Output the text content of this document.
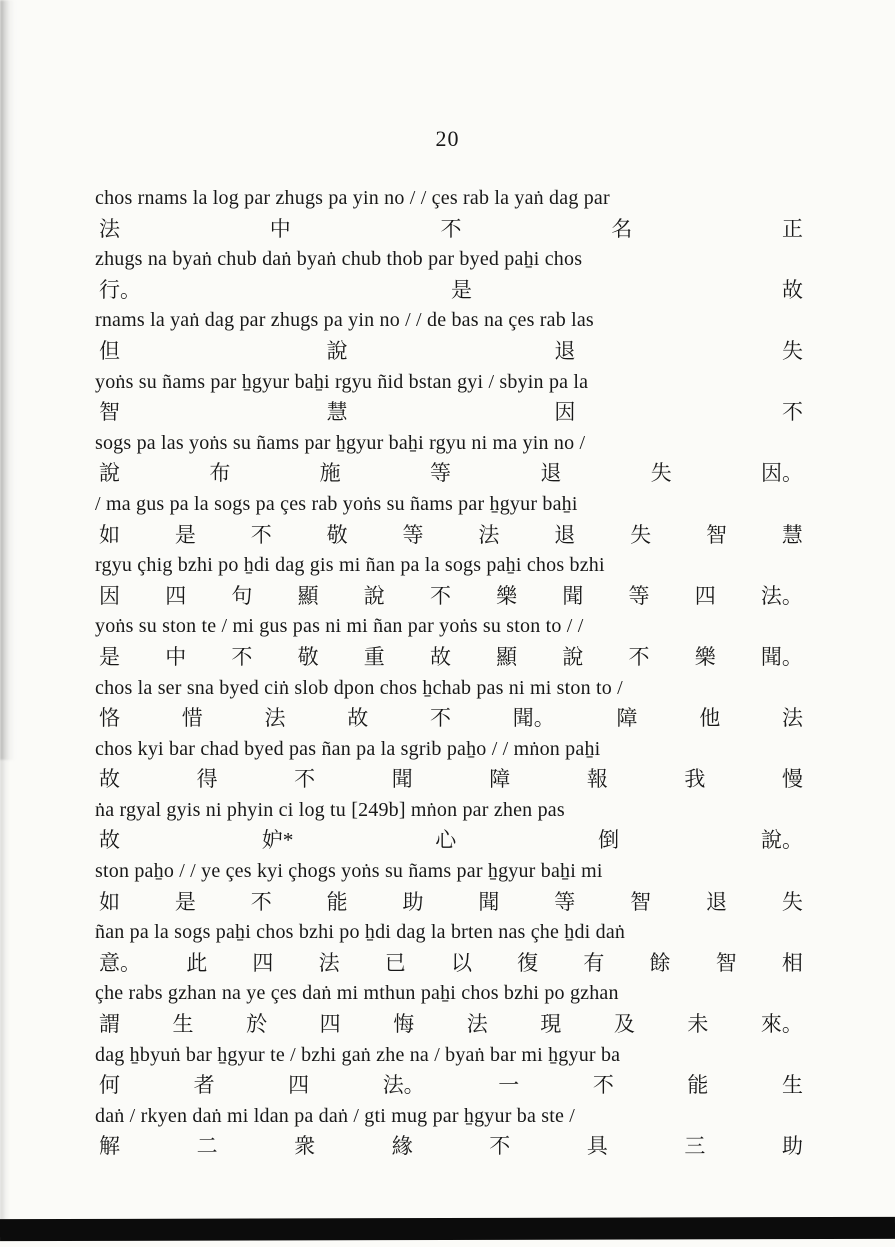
20
chos rnams la log par zhugs pa yin no / / çes rab la yaṅ dag par
法	中	不	名	正
zhugs na byaṅ chub daṅ byaṅ chub thob par byed paẖi chos
行。	是	故
rnams la yaṅ dag par zhugs pa yin no / / de bas na çes rab las
但	說	退	失
yoṅs su ñams par ẖgyur baẖi rgyu ñid bstan gyi / sbyin pa la
智	慧	因	不
sogs pa las yoṅs su ñams par ẖgyur baẖi rgyu ni ma yin no /
說	布	施	等	退	失	因。
/ ma gus pa la sogs pa çes rab yoṅs su ñams par ẖgyur baẖi
如	是	不	敬	等	法	退	失	智	慧
rgyu çhig bzhi po ẖdi dag gis mi ñan pa la sogs paẖi chos bzhi
因 四 句 顯 說 不 樂 聞 等 四 法。
yoṅs su ston te / mi gus pas ni mi ñan par yoṅs su ston to / /
是 中 不 敬 重 故 顯 說 不 樂 聞。
chos la ser sna byed ciṅ slob dpon chos ẖchab pas ni mi ston to /
恪	惜	法	故	不	聞。	障	他	法
chos kyi bar chad byed pas ñan pa la sgrib paẖo / / mṅon paẖi
故	得	不	聞	障	報	我	慢
ṅa rgyal gyis ni phyin ci log tu [249b] mṅon par zhen pas
故	妒*	心	倒	說。
ston paẖo / / ye çes kyi çhogs yoṅs su ñams par ẖgyur baẖi mi
如	是	不	能	助	聞	等	智	退	失
ñan pa la sogs paẖi chos bzhi po ẖdi dag la brten nas çhe ẖdi daṅ
意。 此 四 法 已 以 復 有 餘 智 相
çhe rabs gzhan na ye çes daṅ mi mthun paẖi chos bzhi po gzhan
謂	生	於	四	悔	法	現	及	未	來。
dag ẖbyuṅ bar ẖgyur te / bzhi gaṅ zhe na / byaṅ bar mi ẖgyur ba
何	者	四	法。	一	不	能	生
daṅ / rkyen daṅ mi ldan pa daṅ / gti mug par ẖgyur ba ste /
解	二	衆	緣	不	具	三	助
